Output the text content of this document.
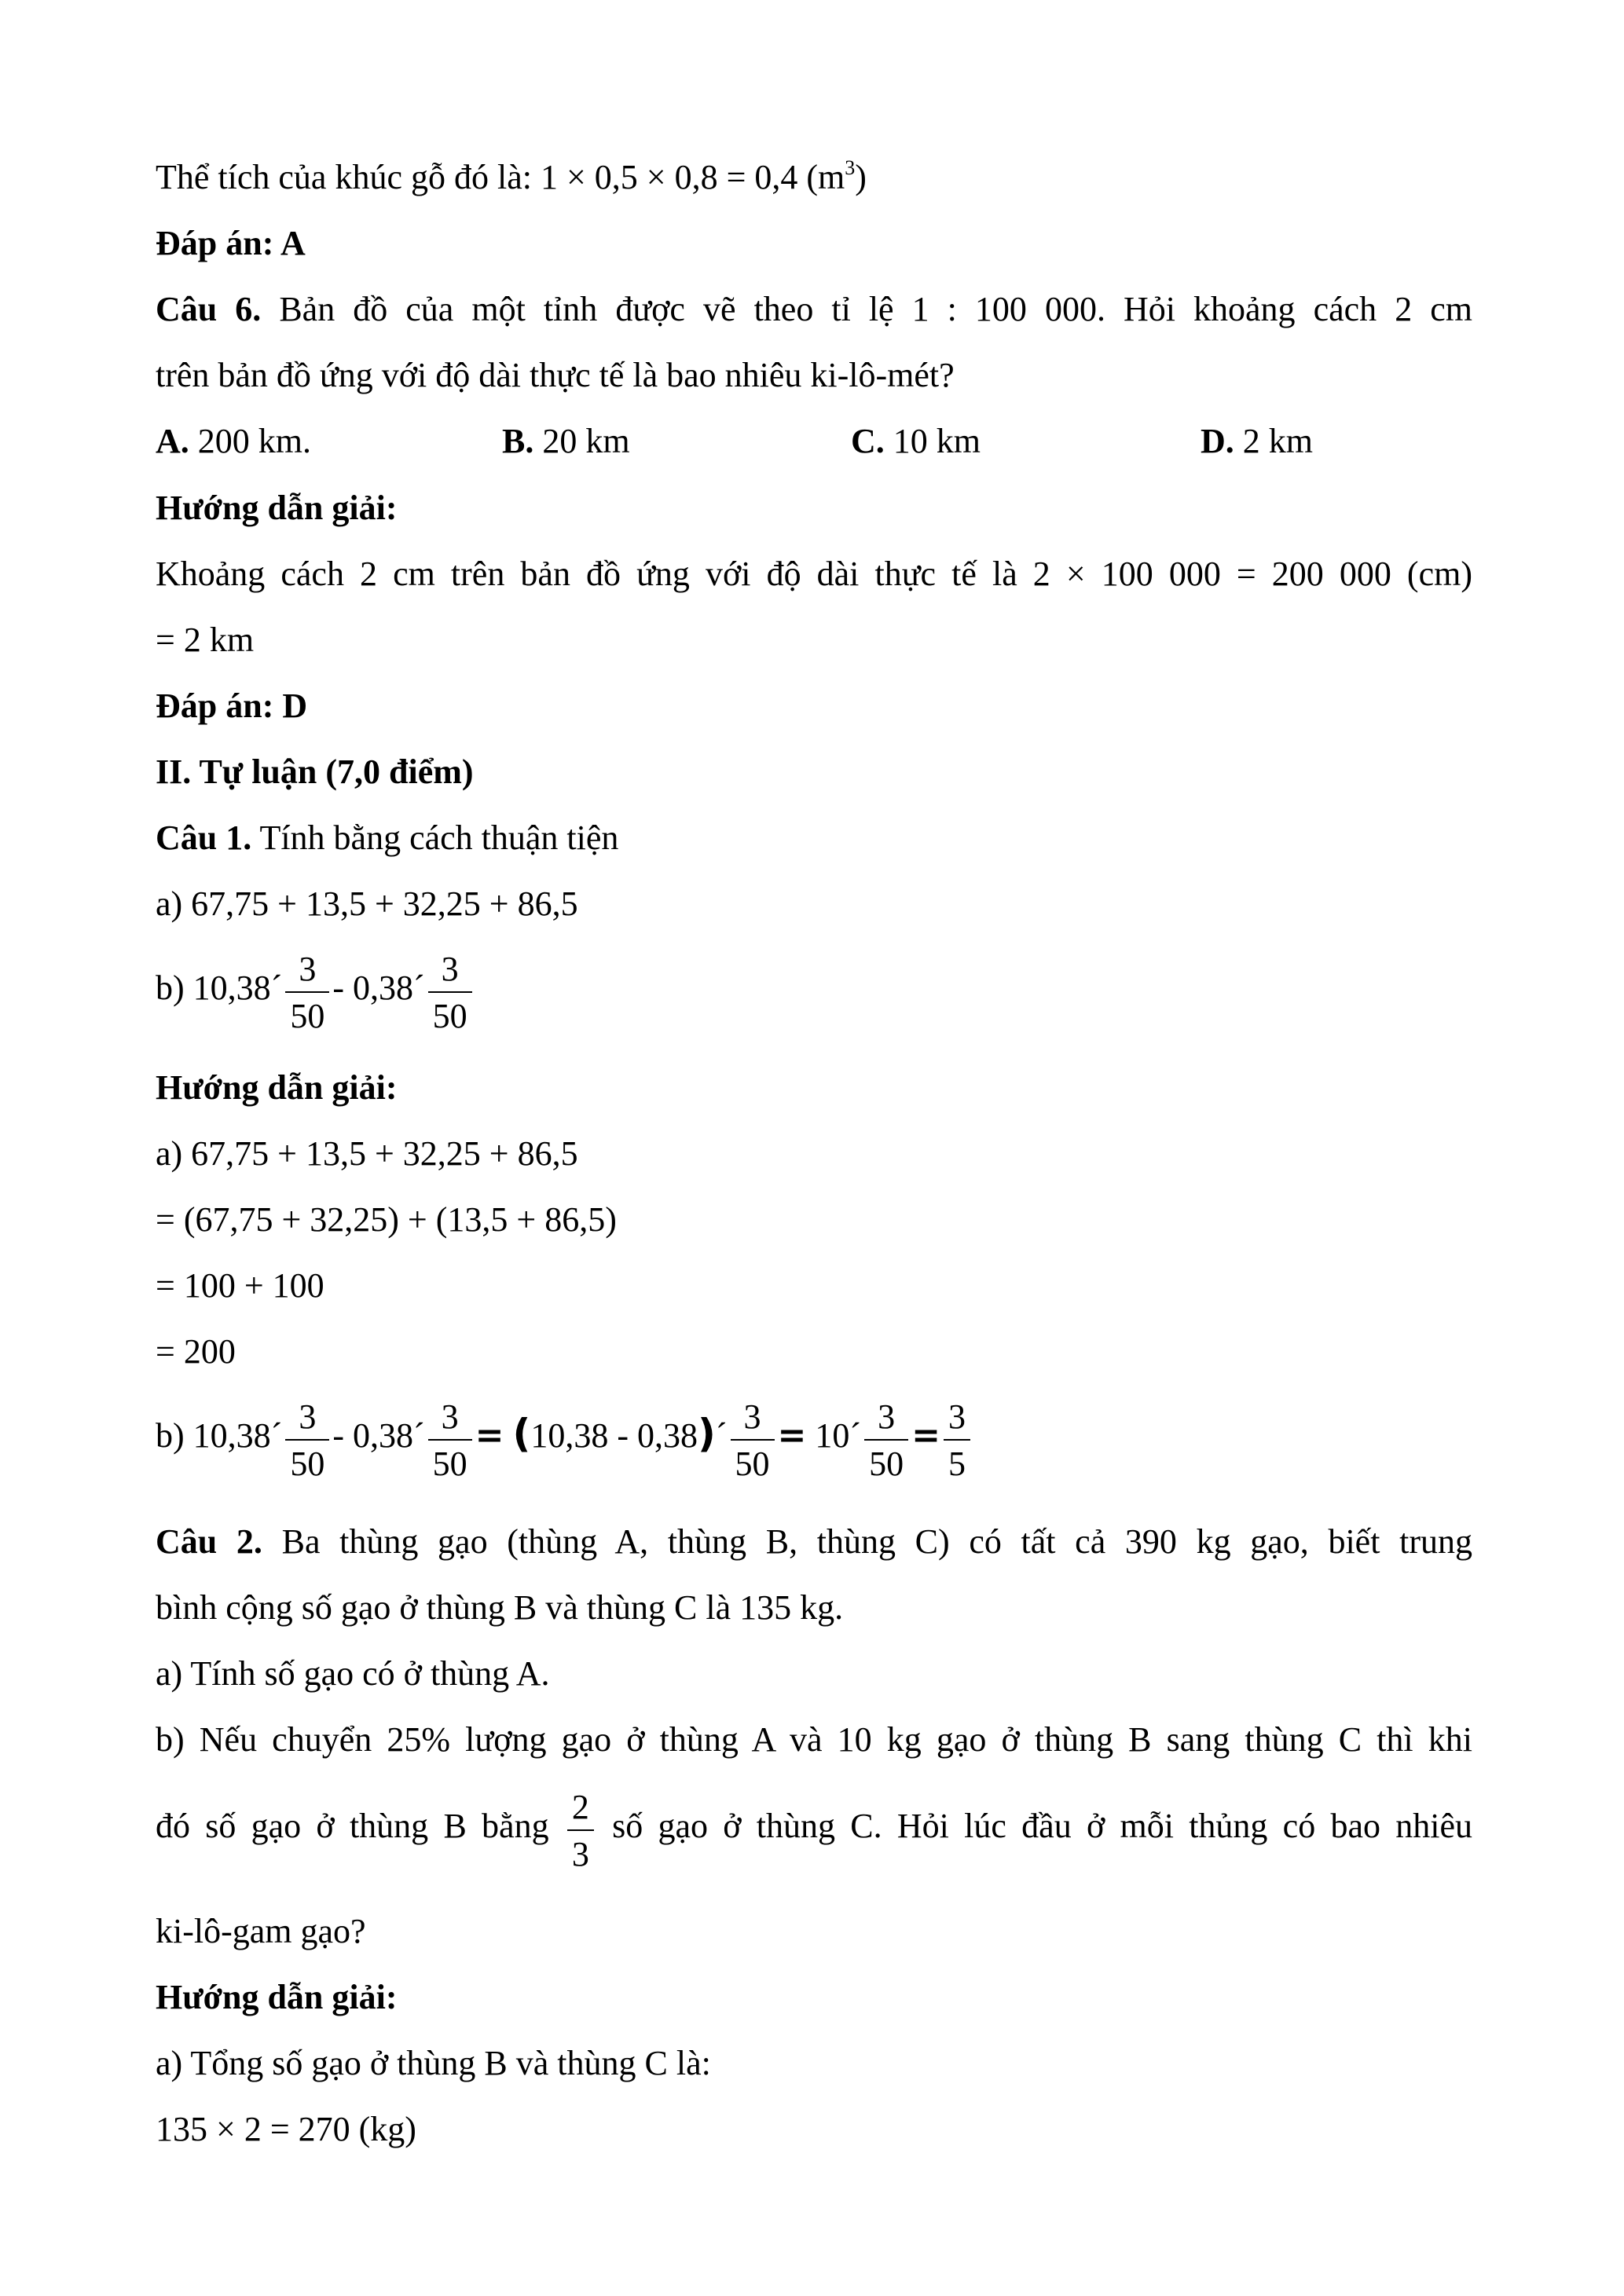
Thể tích của khúc gỗ đó là: 1 × 0,5 × 0,8 = 0,4 $(m^3)$
Đáp án: A
Câu 6. Bản đồ của một tỉnh được vẽ theo tỉ lệ 1 : 100 000. Hỏi khoảng cách 2 cm
trên bản đồ ứng với độ dài thực tế là bao nhiêu ki-lô-mét?
A. 200 km.	B. 20 km	C. 10 km	D. 2 km
Hướng dẫn giải:
Khoảng cách 2 cm trên bản đồ ứng với độ dài thực tế là 2 × 100 000 = 200 000 (cm)
= 2 km
Đáp án: D
II. Tự luận (7,0 điểm)
Câu 1. Tính bằng cách thuận tiện
a) 67,75 + 13,5 + 32,25 + 86,5
b) 10,38´ $\frac{3}{50}$ - 0,38´ $\frac{3}{50}$
Hướng dẫn giải:
a) 67,75 + 13,5 + 32,25 + 86,5
= (67,75 + 32,25) + (13,5 + 86,5)
= 100 + 100
= 200
b) 10,38´ $\frac{3}{50}$ - 0,38´ $\frac{3}{50} = (10,38$ - 0,38)´ $\frac{3}{50}$ = 10´ $\frac{3}{50} = \frac{3}{5}$
Câu 2. Ba thùng gạo (thùng A, thùng B, thùng C) có tất cả 390 kg gạo, biết trung
bình cộng số gạo ở thùng B và thùng C là 135 kg.
a) Tính số gạo có ở thùng A.
b) Nếu chuyển 25% lượng gạo ở thùng A và 10 kg gạo ở thùng B sang thùng C thì khi
đó số gạo ở thùng B bằng $\frac{2}{3}$ số gạo ở thùng C. Hỏi lúc đầu ở mỗi thủng có bao nhiêu
ki-lô-gam gạo?
Hướng dẫn giải:
a) Tổng số gạo ở thùng B và thùng C là:
135 × 2 = 270 (kg)
